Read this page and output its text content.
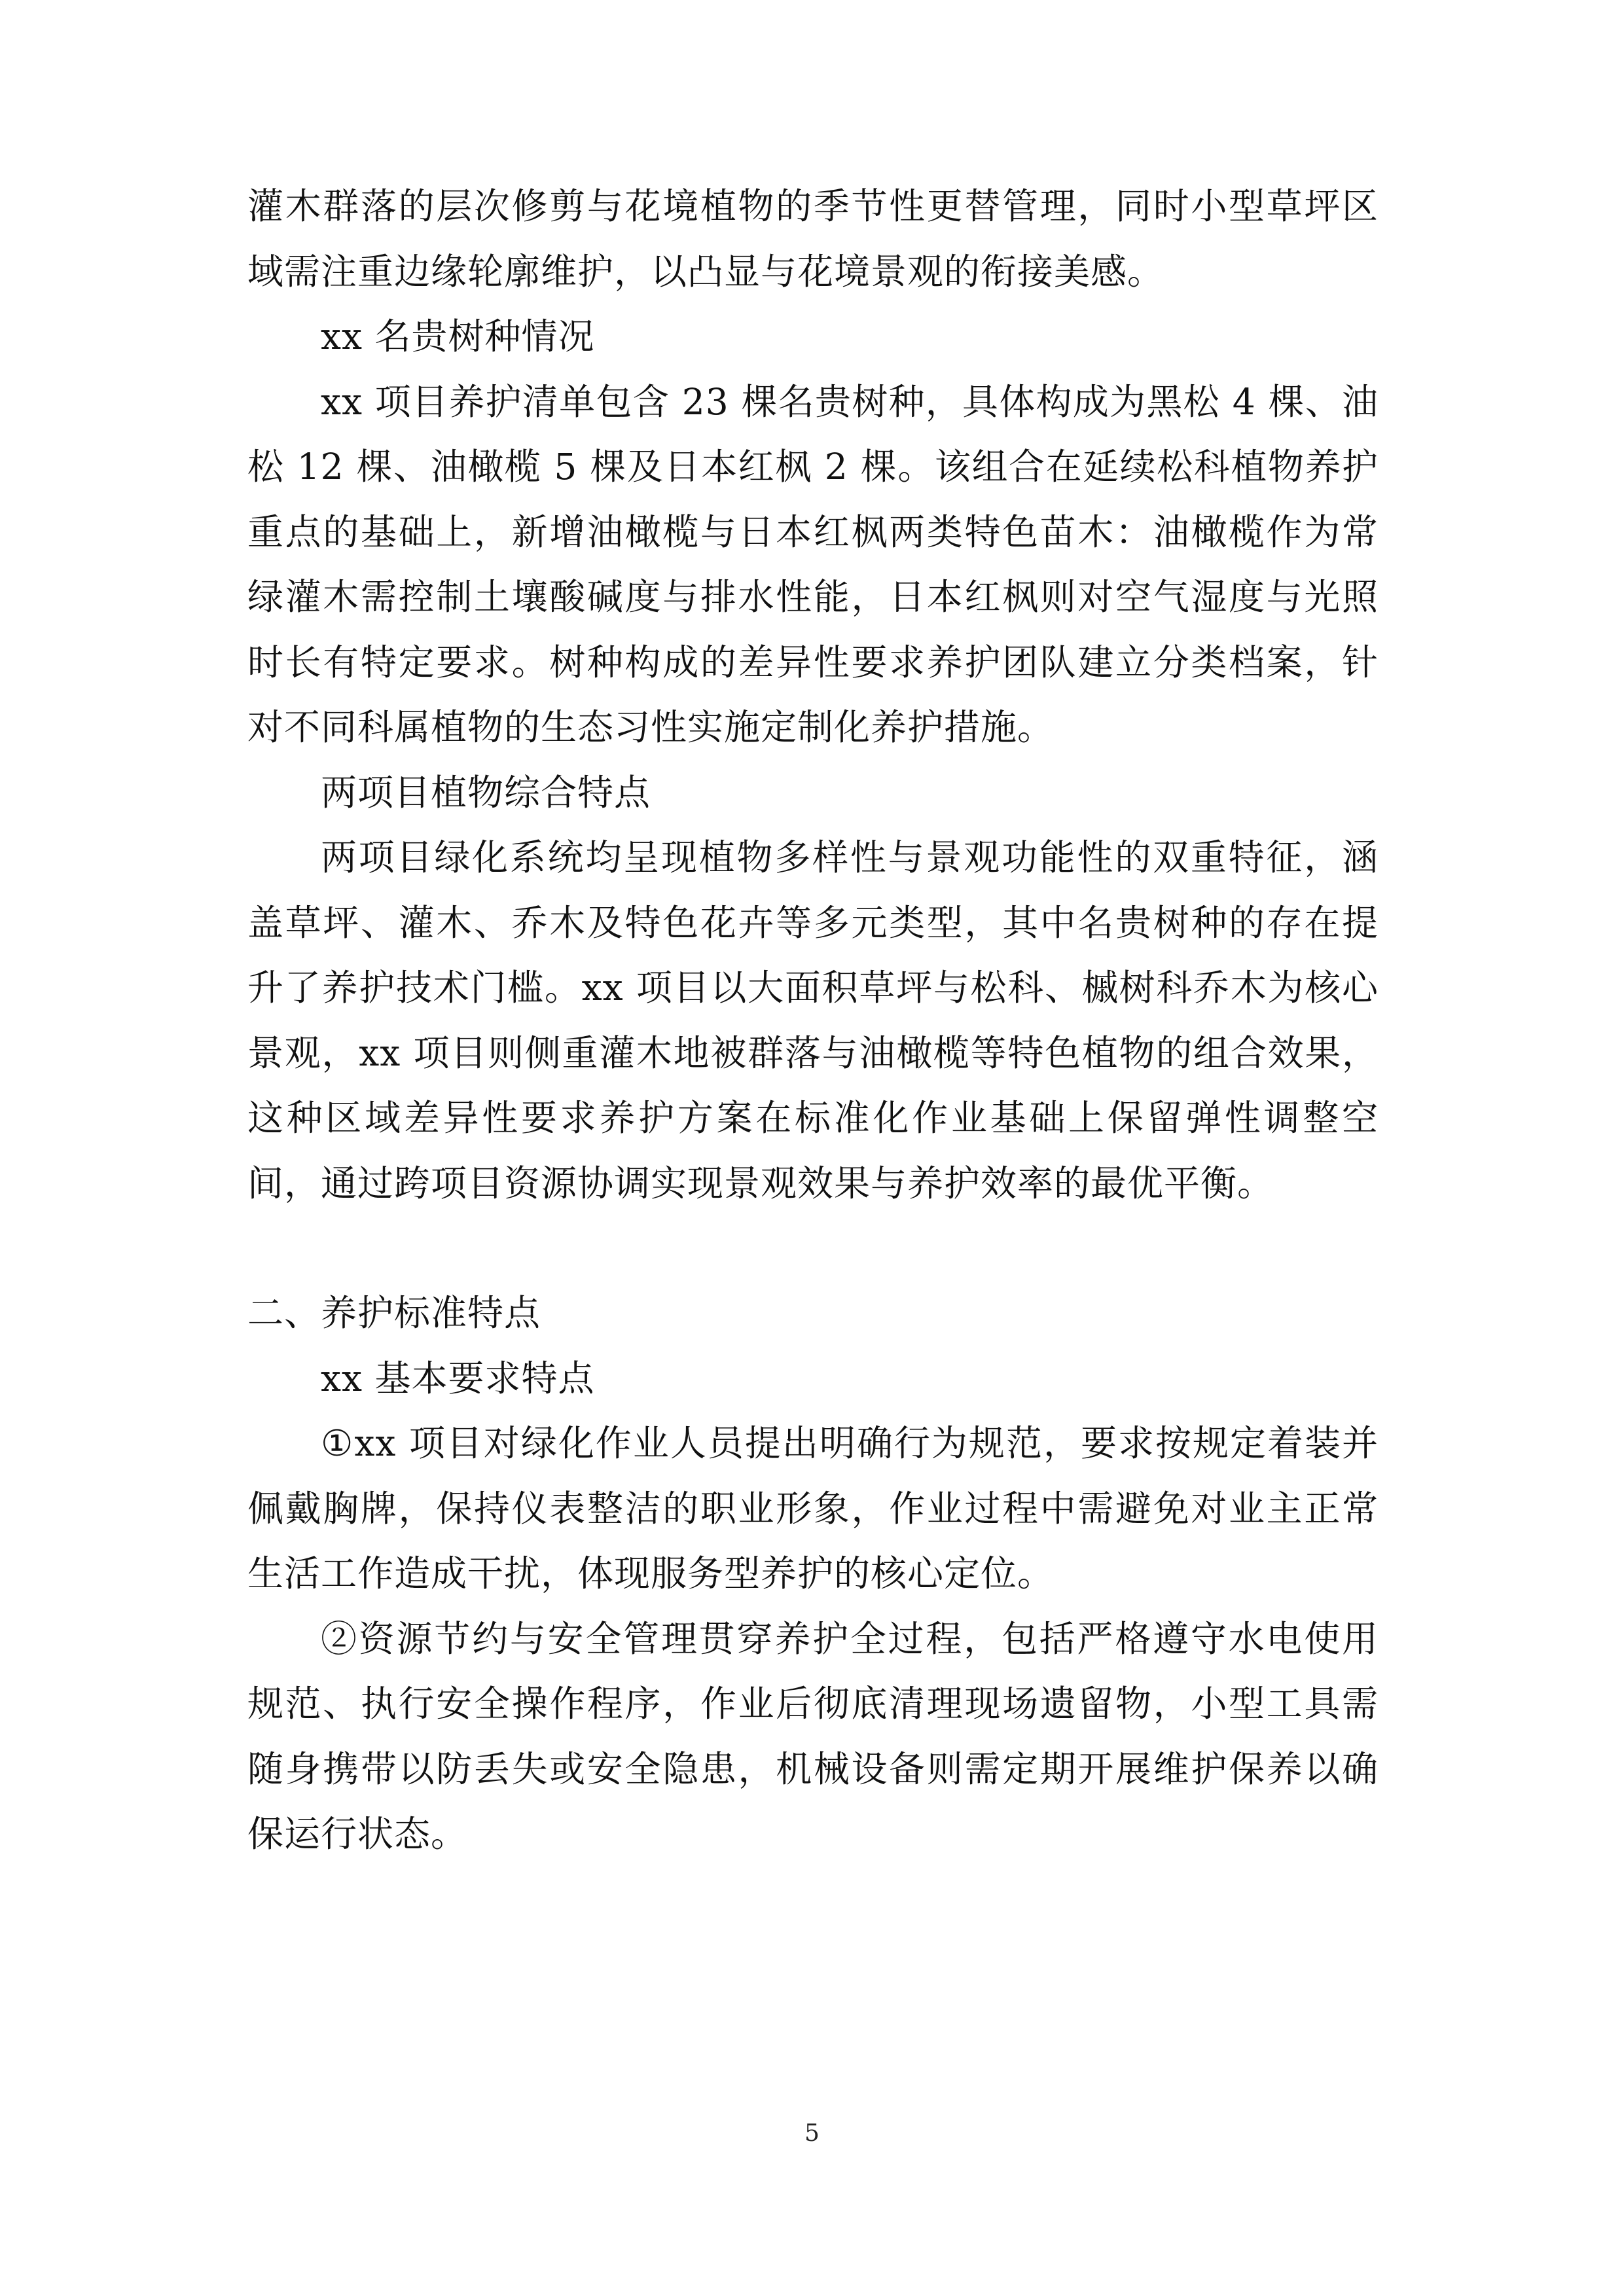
灌木群落的层次修剪与花境植物的季节性更替管理，同时小型草坪区域需注重边缘轮廓维护，以凸显与花境景观的衔接美感。

xx 名贵树种情况

xx 项目养护清单包含 23 棵名贵树种，具体构成为黑松 4 棵、油松 12 棵、油橄榄 5 棵及日本红枫 2 棵。该组合在延续松科植物养护重点的基础上，新增油橄榄与日本红枫两类特色苗木：油橄榄作为常绿灌木需控制土壤酸碱度与排水性能，日本红枫则对空气湿度与光照时长有特定要求。树种构成的差异性要求养护团队建立分类档案，针对不同科属植物的生态习性实施定制化养护措施。

两项目植物综合特点

两项目绿化系统均呈现植物多样性与景观功能性的双重特征，涵盖草坪、灌木、乔木及特色花卉等多元类型，其中名贵树种的存在提升了养护技术门槛。xx 项目以大面积草坪与松科、槭树科乔木为核心景观，xx 项目则侧重灌木地被群落与油橄榄等特色植物的组合效果，这种区域差异性要求养护方案在标准化作业基础上保留弹性调整空间，通过跨项目资源协调实现景观效果与养护效率的最优平衡。

二、养护标准特点

xx 基本要求特点

①xx 项目对绿化作业人员提出明确行为规范，要求按规定着装并佩戴胸牌，保持仪表整洁的职业形象，作业过程中需避免对业主正常生活工作造成干扰，体现服务型养护的核心定位。

②资源节约与安全管理贯穿养护全过程，包括严格遵守水电使用规范、执行安全操作程序，作业后彻底清理现场遗留物，小型工具需随身携带以防丢失或安全隐患，机械设备则需定期开展维护保养以确保运行状态。

5
